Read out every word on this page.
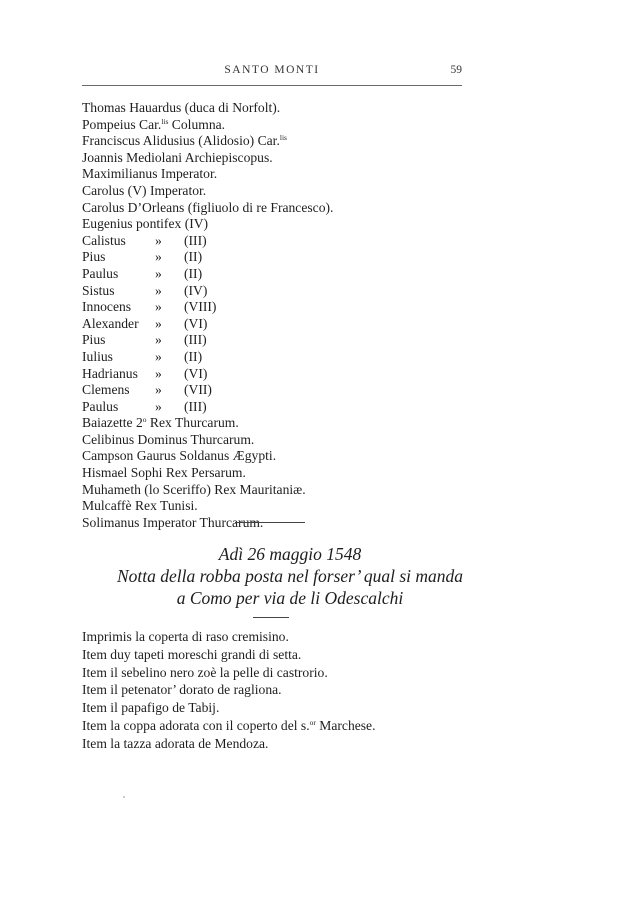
SANTO MONTI	59
Thomas Hauardus (duca di Norfolt).
Pompeius Car.$^{lis}$ Columna.
Franciscus Alidusius (Alidosio) Car.$^{lis}$
Joannis Mediolani Archiepiscopus.
Maximilianus Imperator.
Carolus (V) Imperator.
Carolus D’Orleans (figliuolo di re Francesco).
Eugenius pontifex (IV)
Calistus » (III)
Pius	» (II)
Paulus	» (II)
Sistus	» (IV)
Innocens » (VIII)
Alexander » (VI)
Pius	» (III)
Iulius	» (II)
Hadrianus » (VI)
Clemens » (VII)
Paulus	» (III)
Baiazette 2$^o$ Rex Thurcarum.
Celibinus Dominus Thurcarum.
Campson Gaurus Soldanus Ægypti.
Hismael Sophi Rex Persarum.
Muhameth (lo Sceriffo) Rex Mauritaniæ.
Mulcaffè Rex Tunisi.
Solimanus Imperator Thurcarum.
Adì 26 maggio 1548
Notta della robba posta nel forser’ qual si manda
a Como per via de li Odescalchi
Imprimis la coperta di raso cremisino.
Item duy tapeti moreschi grandi di setta.
Item il sebelino nero zoè la pelle di castrorio.
Item il petenator’ dorato de ragliona.
Item il papafigo de Tabij.
Item la coppa adorata con il coperto del s.$^{or}$ Marchese.
Item la tazza adorata de Mendoza.
